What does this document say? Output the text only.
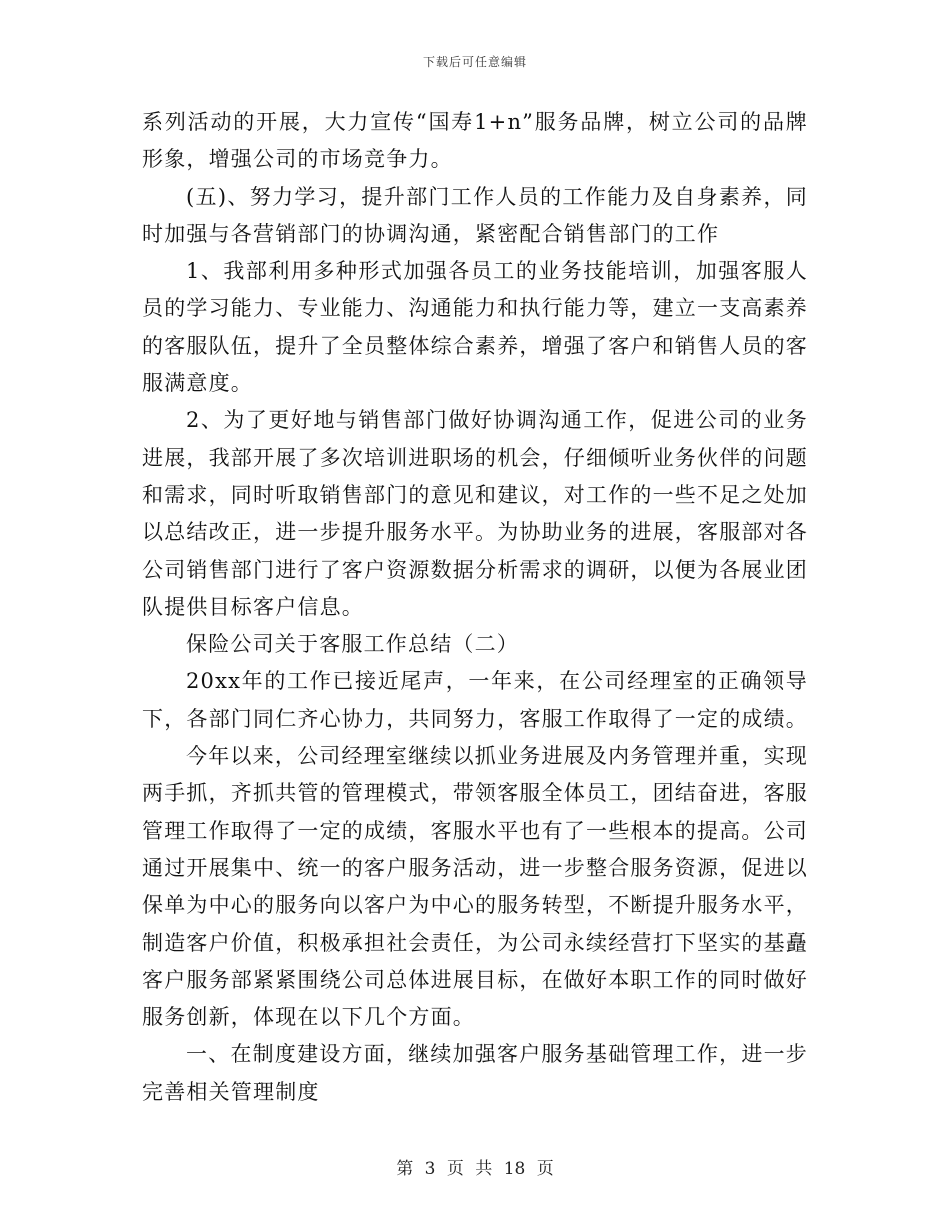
下载后可任意编辑

系列活动的开展，大力宣传“国寿1+n”服务品牌，树立公司的品牌形象，增强公司的市场竞争力。

(五)、努力学习，提升部门工作人员的工作能力及自身素养，同时加强与各营销部门的协调沟通，紧密配合销售部门的工作

1、我部利用多种形式加强各员工的业务技能培训，加强客服人员的学习能力、专业能力、沟通能力和执行能力等，建立一支高素养的客服队伍，提升了全员整体综合素养，增强了客户和销售人员的客服满意度。

2、为了更好地与销售部门做好协调沟通工作，促进公司的业务进展，我部开展了多次培训进职场的机会，仔细倾听业务伙伴的问题和需求，同时听取销售部门的意见和建议，对工作的一些不足之处加以总结改正，进一步提升服务水平。为协助业务的进展，客服部对各公司销售部门进行了客户资源数据分析需求的调研，以便为各展业团队提供目标客户信息。

保险公司关于客服工作总结（二）

20xx年的工作已接近尾声，一年来，在公司经理室的正确领导下，各部门同仁齐心协力，共同努力，客服工作取得了一定的成绩。

今年以来，公司经理室继续以抓业务进展及内务管理并重，实现两手抓，齐抓共管的管理模式，带领客服全体员工，团结奋进，客服管理工作取得了一定的成绩，客服水平也有了一些根本的提高。公司通过开展集中、统一的客户服务活动，进一步整合服务资源，促进以保单为中心的服务向以客户为中心的服务转型，不断提升服务水平，制造客户价值，积极承担社会责任，为公司永续经营打下坚实的基矗客户服务部紧紧围绕公司总体进展目标，在做好本职工作的同时做好服务创新，体现在以下几个方面。

一、在制度建设方面，继续加强客户服务基础管理工作，进一步完善相关管理制度

第 3 页 共 18 页
